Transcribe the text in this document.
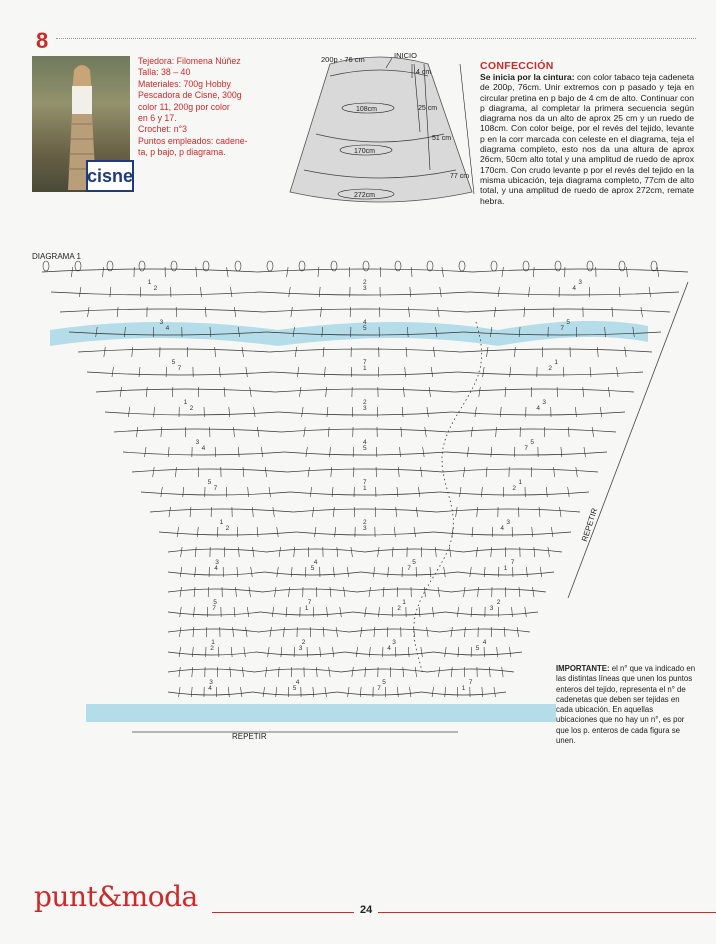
8
cisne
Tejedora: Filomena Núñez
Talla: 38 – 40
Materiales: 700g Hobby
Pescadora de Cisne, 300g
color 11, 200g por color
en 6 y 17.
Crochet: n°3
Puntos empleados: cadene-
ta, p bajo, p diagrama.
200p - 76 cm	INICIO
4 cm
25 cm
51 cm
77 cm
108cm
170cm
272cm
CONFECCIÓN
Se inicia por la cintura: con color tabaco teja cadeneta de 200p, 76cm. Unir extremos con p pasado y teja en circular pretina en p bajo de 4 cm de alto. Continuar con p diagrama, al completar la primera secuencia según diagrama nos da un alto de aprox 25 cm y un ruedo de 108cm. Con color beige, por el revés del tejido, levante p en la corr marcada con celeste en el diagrama, teja el diagrama completo, esto nos da una altura de aprox 26cm, 50cm alto total y una amplitud de ruedo de aprox 170cm. Con crudo levante p por el revés del tejido en la misma ubicación, teja diagrama completo, 77cm de alto total, y una amplitud de ruedo de aprox 272cm, remate hebra.
DIAGRAMA 1
1	2	3
2	3	4
3	4	5
4	5	7
5	7	1
7	1	2
1	2	3
2	3	4
3	4	5
4	5	7
5	7	1
7	1	2
1	2	3
2	3	4
3	4	5	7
4	5	7	1
5	7	1	2
7	1	2	3
1	2	3	4
2	3	4	5
3	4	5	7
4	5	7	1
REPETIR
REPETIR
IMPORTANTE: el n° que va indicado en las distintas líneas que unen los puntos enteros del tejido, representa el n° de cadenetas que deben ser tejidas en cada ubicación. En aquellas ubicaciones que no hay un n°, es por que los p. enteros de cada figura se unen.
punt&moda	24
